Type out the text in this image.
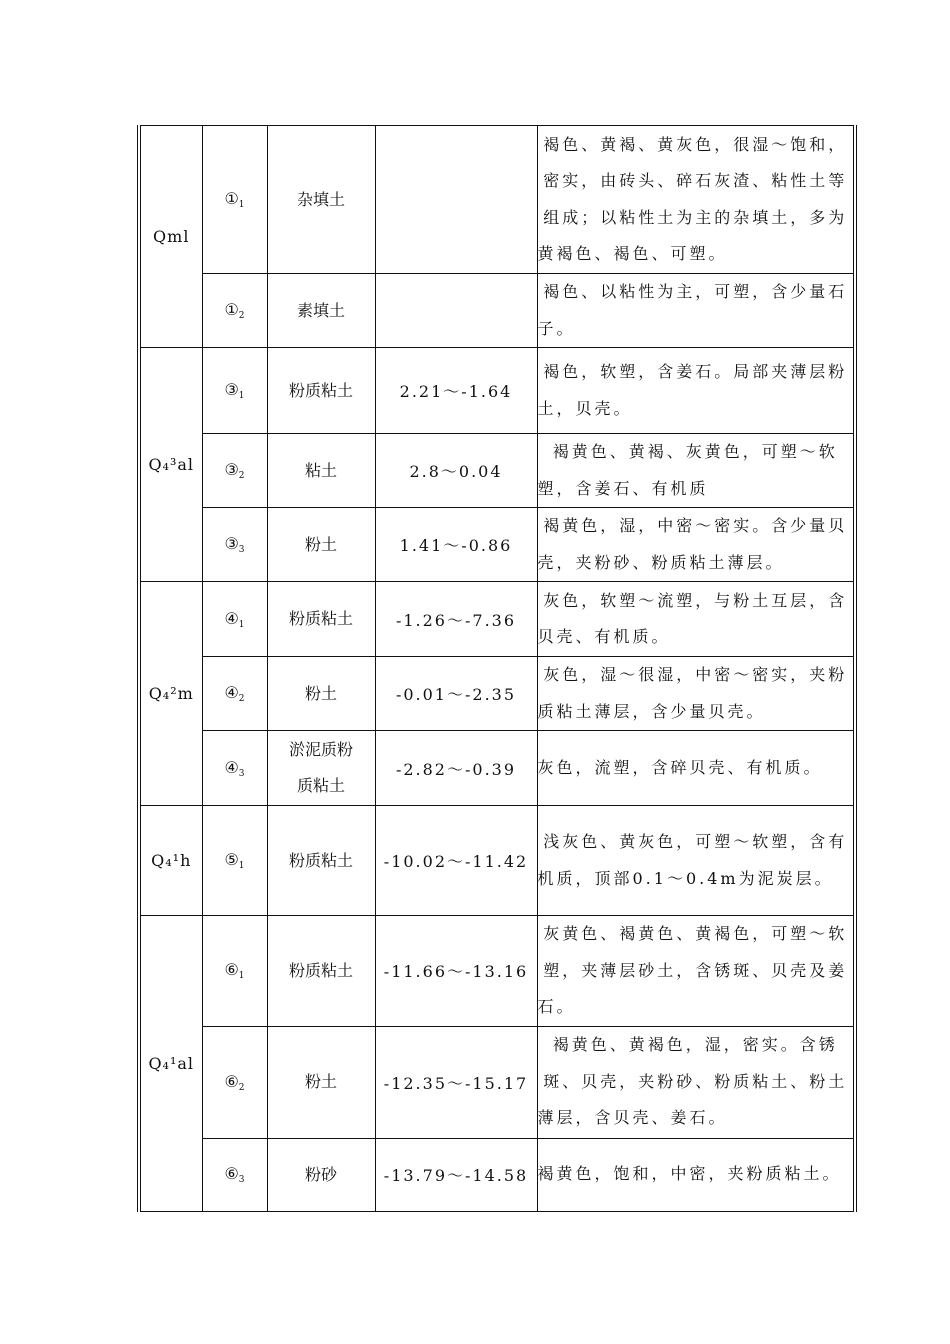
Qml	$①_1$	杂填土		褐色、黄褐、黄灰色，很湿～饱和，密实，由砖头、碎石灰渣、粘性土等组成；以粘性土为主的杂填土，多为黄褐色、褐色、可塑。
	$①_2$	素填土		褐色、以粘性为主，可塑，含少量石子。
Q₄³al	$③_1$	粉质粘土	2.21～-1.64	褐色，软塑，含姜石。局部夹薄层粉土，贝壳。
	$③_2$	粘土	2.8～0.04	褐黄色、黄褐、灰黄色，可塑～软塑，含姜石、有机质
	$③_3$	粉土	1.41～-0.86	褐黄色，湿，中密～密实。含少量贝壳，夹粉砂、粉质粘土薄层。
Q₄²m	$④_1$	粉质粘土	-1.26～-7.36	灰色，软塑～流塑，与粉土互层，含贝壳、有机质。
	$④_2$	粉土	-0.01～-2.35	灰色，湿～很湿，中密～密实，夹粉质粘土薄层，含少量贝壳。
	$④_3$	淤泥质粉质粘土	-2.82～-0.39	灰色，流塑，含碎贝壳、有机质。
Q₄¹h	$⑤_1$	粉质粘土	-10.02～-11.42	浅灰色、黄灰色，可塑～软塑，含有机质，顶部0.1～0.4m为泥炭层。
Q₄¹al	$⑥_1$	粉质粘土	-11.66～-13.16	灰黄色、褐黄色、黄褐色，可塑～软塑，夹薄层砂土，含锈斑、贝壳及姜石。
	$⑥_2$	粉土	-12.35～-15.17	褐黄色、黄褐色，湿，密实。含锈斑、贝壳，夹粉砂、粉质粘土、粉土薄层，含贝壳、姜石。
	$⑥_3$	粉砂	-13.79～-14.58	褐黄色，饱和，中密，夹粉质粘土。
